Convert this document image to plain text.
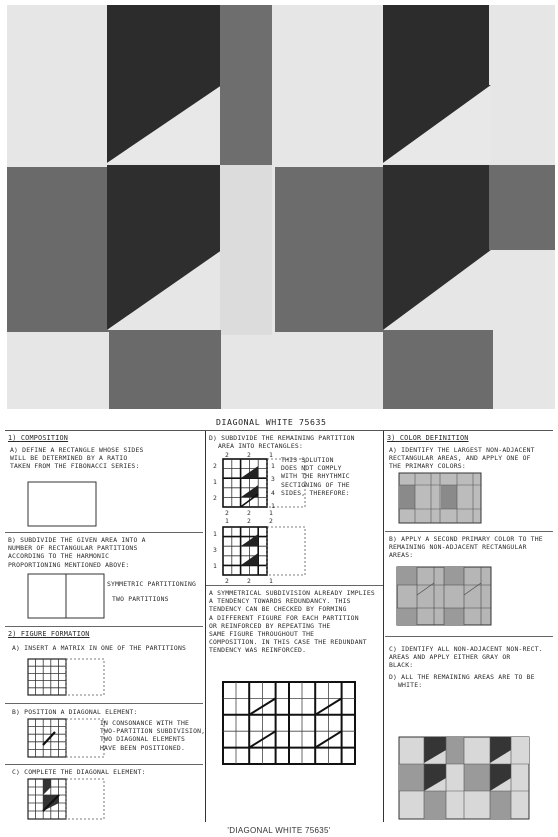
DIAGONAL WHITE 75635
1) COMPOSITION
A) DEFINE A RECTANGLE WHOSE SIDES
WILL BE DETERMINED BY A RATIO
TAKEN FROM THE FIBONACCI SERIES:
B) SUBDIVIDE THE GIVEN AREA INTO A
NUMBER OF RECTANGULAR PARTITIONS
ACCORDING TO THE HARMONIC
PROPORTIONING MENTIONED ABOVE:
SYMMETRIC PARTITIONING
TWO PARTITIONS
2) FIGURE FORMATION
A) INSERT A MATRIX IN ONE OF THE PARTITIONS
B) POSITION A DIAGONAL ELEMENT:
IN CONSONANCE WITH THE
TWO-PARTITION SUBDIVISION,
TWO DIAGONAL ELEMENTS
HAVE BEEN POSITIONED.
C) COMPLETE THE DIAGONAL ELEMENT:
D) SUBDIVIDE THE REMAINING PARTITION
AREA INTO RECTANGLES:
2	2	1
2
1
2
1
3
4
1
THIS SOLUTION
DOES NOT COMPLY
WITH THE RHYTHMIC
SECTIONING OF THE
SIDES, THEREFORE:
2	2	1
1	2	2
1
3
1
2	2	1
A SYMMETRICAL SUBDIVISION ALREADY IMPLIES
A TENDENCY TOWARDS REDUNDANCY. THIS
TENDENCY CAN BE CHECKED BY FORMING
A DIFFERENT FIGURE FOR EACH PARTITION
OR REINFORCED BY REPEATING THE
SAME FIGURE THROUGHOUT THE
COMPOSITION. IN THIS CASE THE REDUNDANT
TENDENCY WAS REINFORCED.
3) COLOR DEFINITION
A) IDENTIFY THE LARGEST NON-ADJACENT
RECTANGULAR AREAS, AND APPLY ONE OF
THE PRIMARY COLORS:
B) APPLY A SECOND PRIMARY COLOR TO THE
REMAINING NON-ADJACENT RECTANGULAR
AREAS:
C) IDENTIFY ALL NON-ADJACENT NON-RECT.
AREAS AND APPLY EITHER GRAY OR
BLACK:
D) ALL THE REMAINING AREAS ARE TO BE
WHITE:
'DIAGONAL WHITE 75635'
